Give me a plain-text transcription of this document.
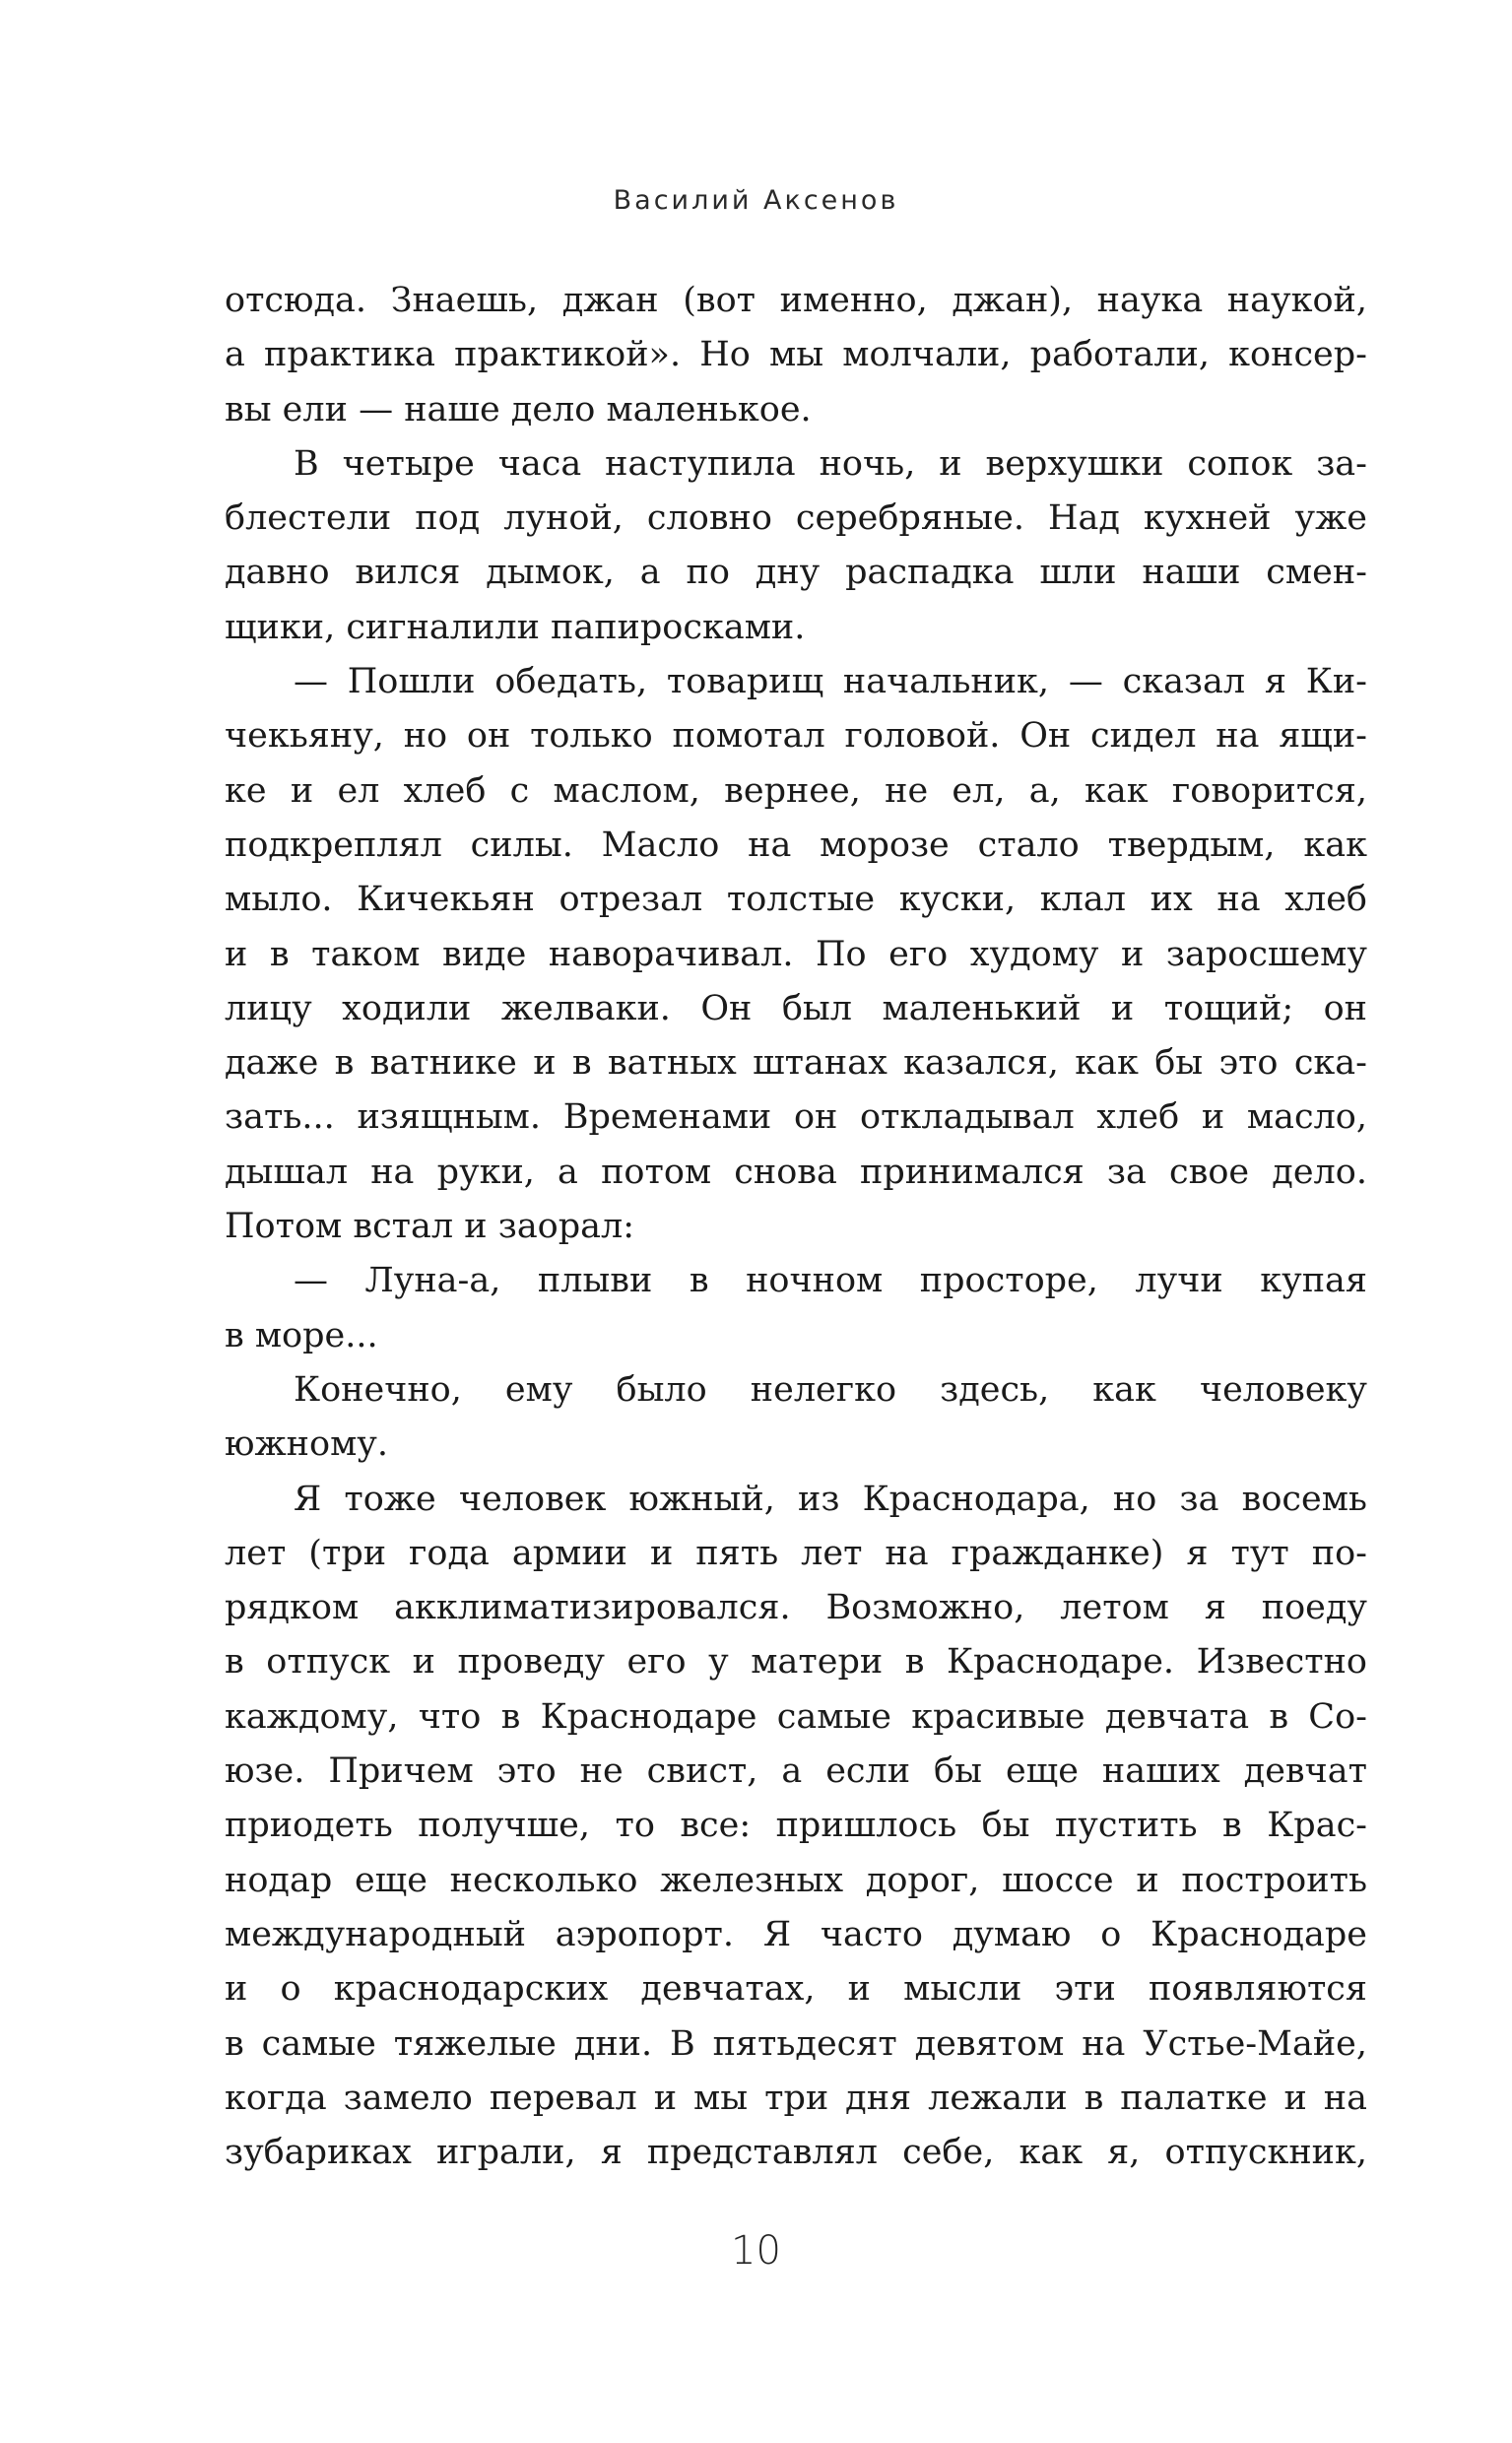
Василий Аксенов
отсюда. Знаешь, джан (вот именно, джан), наука наукой,
а практика практикой». Но мы молчали, работали, консер-
вы ели — наше дело маленькое.
В четыре часа наступила ночь, и верхушки сопок за-
блестели под луной, словно серебряные. Над кухней уже
давно вился дымок, а по дну распадка шли наши смен-
щики, сигналили папиросками.
— Пошли обедать, товарищ начальник, — сказал я Ки-
чекьяну, но он только помотал головой. Он сидел на ящи-
ке и ел хлеб с маслом, вернее, не ел, а, как говорится,
подкреплял силы. Масло на морозе стало твердым, как
мыло. Кичекьян отрезал толстые куски, клал их на хлеб
и в таком виде наворачивал. По его худому и заросшему
лицу ходили желваки. Он был маленький и тощий; он
даже в ватнике и в ватных штанах казался, как бы это ска-
зать... изящным. Временами он откладывал хлеб и масло,
дышал на руки, а потом снова принимался за свое дело.
Потом встал и заорал:
— Луна-а, плыви в ночном просторе, лучи купая
в море...
Конечно, ему было нелегко здесь, как человеку
южному.
Я тоже человек южный, из Краснодара, но за восемь
лет (три года армии и пять лет на гражданке) я тут по-
рядком акклиматизировался. Возможно, летом я поеду
в отпуск и проведу его у матери в Краснодаре. Известно
каждому, что в Краснодаре самые красивые девчата в Со-
юзе. Причем это не свист, а если бы еще наших девчат
приодеть получше, то все: пришлось бы пустить в Крас-
нодар еще несколько железных дорог, шоссе и построить
международный аэропорт. Я часто думаю о Краснодаре
и о краснодарских девчатах, и мысли эти появляются
в самые тяжелые дни. В пятьдесят девятом на Устье-Майе,
когда замело перевал и мы три дня лежали в палатке и на
зубариках играли, я представлял себе, как я, отпускник,
10
